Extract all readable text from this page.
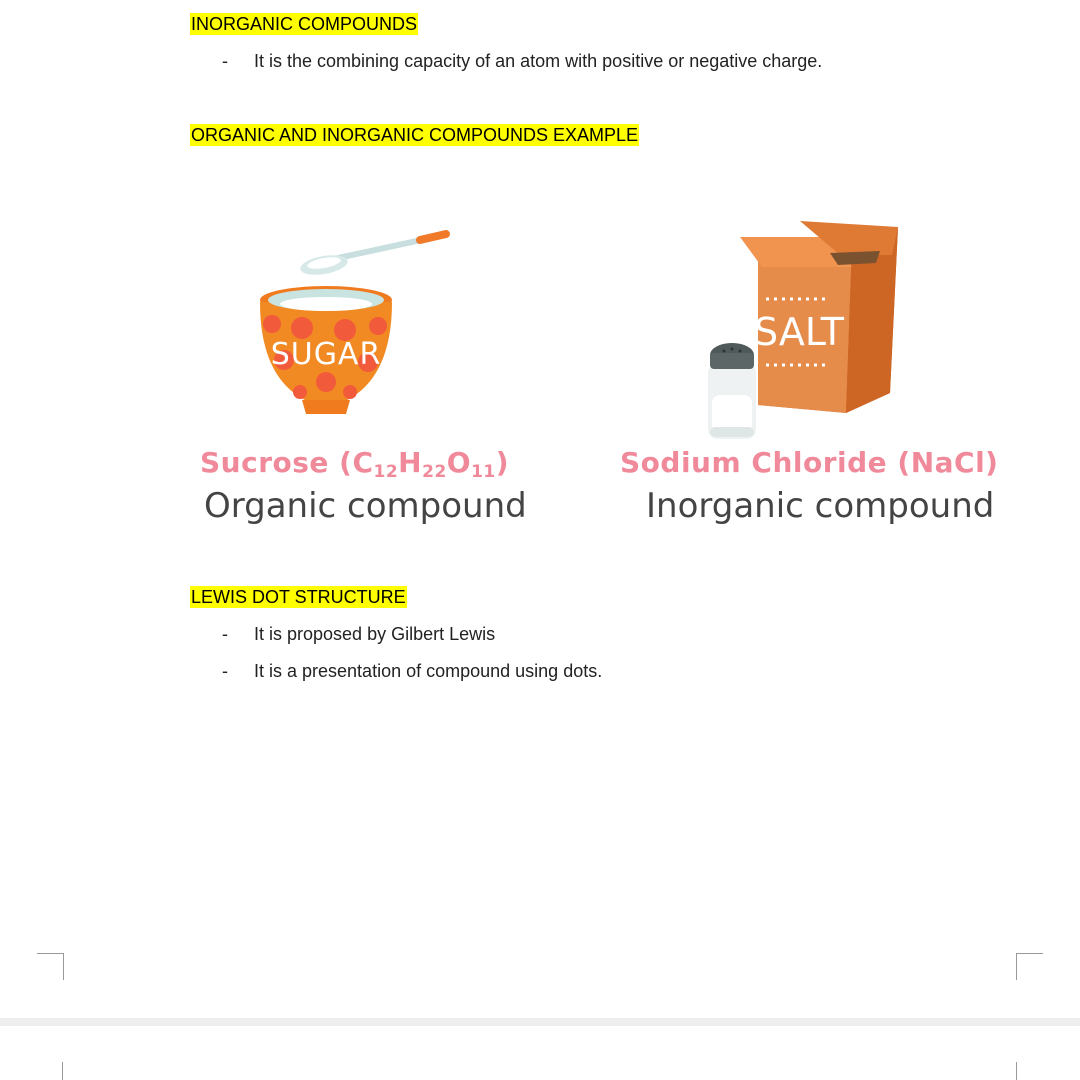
INORGANIC COMPOUNDS
- It is the combining capacity of an atom with positive or negative charge.
ORGANIC AND INORGANIC COMPOUNDS EXAMPLE
SUGAR
SALT
Sucrose $(C_{12}H_{22}O_{11})$
Organic compound
Sodium Chloride (NaCl)
Inorganic compound
LEWIS DOT STRUCTURE
- It is proposed by Gilbert Lewis
- It is a presentation of compound using dots.
